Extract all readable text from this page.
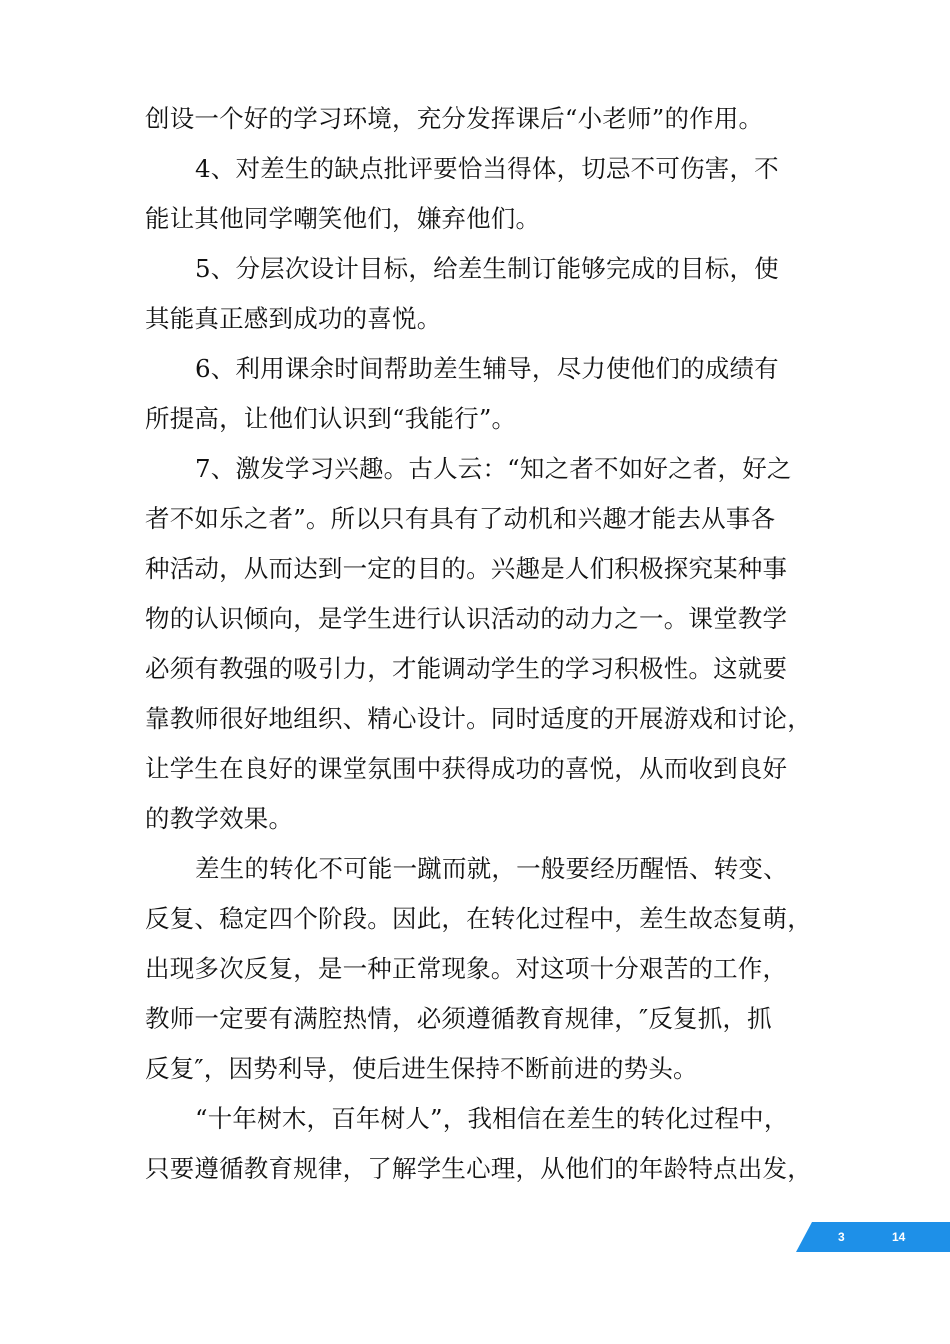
创设一个好的学习环境，充分发挥课后“小老师”的作用。
4、对差生的缺点批评要恰当得体，切忌不可伤害，不
能让其他同学嘲笑他们，嫌弃他们。
5、分层次设计目标，给差生制订能够完成的目标，使
其能真正感到成功的喜悦。
6、利用课余时间帮助差生辅导，尽力使他们的成绩有
所提高，让他们认识到“我能行”。
7、激发学习兴趣。古人云：“知之者不如好之者，好之
者不如乐之者”。所以只有具有了动机和兴趣才能去从事各
种活动，从而达到一定的目的。兴趣是人们积极探究某种事
物的认识倾向，是学生进行认识活动的动力之一。课堂教学
必须有教强的吸引力，才能调动学生的学习积极性。这就要
靠教师很好地组织、精心设计。同时适度的开展游戏和讨论，
让学生在良好的课堂氛围中获得成功的喜悦，从而收到良好
的教学效果。
差生的转化不可能一蹴而就，一般要经历醒悟、转变、
反复、稳定四个阶段。因此，在转化过程中，差生故态复萌，
出现多次反复，是一种正常现象。对这项十分艰苦的工作，
教师一定要有满腔热情，必须遵循教育规律，″反复抓，抓
反复″，因势利导，使后进生保持不断前进的势头。
“十年树木，百年树人”，我相信在差生的转化过程中，
只要遵循教育规律，了解学生心理，从他们的年龄特点出发，
3	14
